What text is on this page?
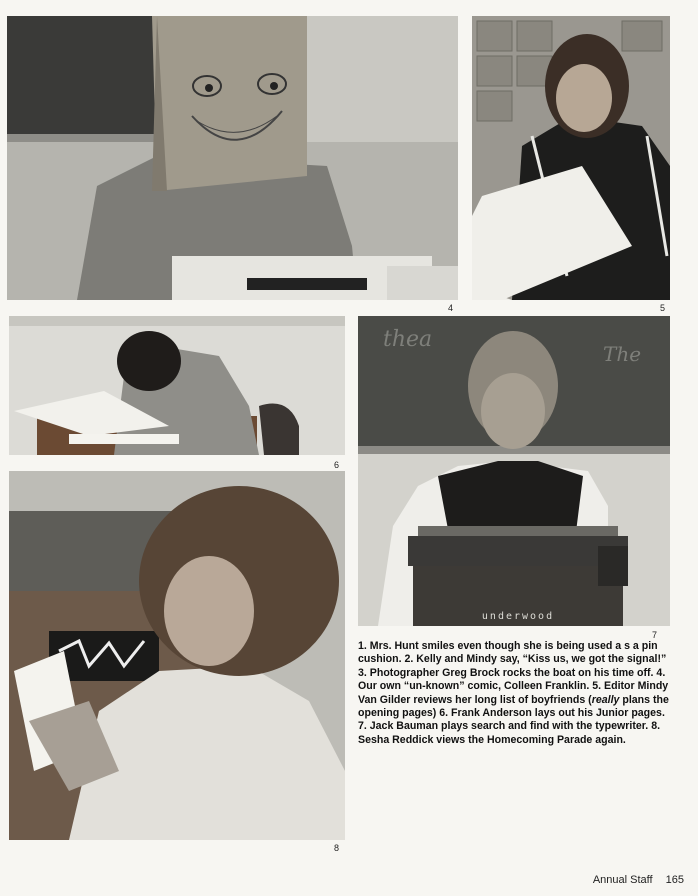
4	5
6
thea
The
underwood
7
8

1. Mrs. Hunt smiles even though she is being used a s a pin cushion. 2. Kelly and Mindy say, “Kiss us, we got the signal!” 3. Photographer Greg Brock rocks the boat on his time off. 4. Our own “un-known” comic, Colleen Franklin. 5. Editor Mindy Van Gilder reviews her long list of boyfriends (really plans the opening pages) 6. Frank Anderson lays out his Junior pages. 7. Jack Bauman plays search and find with the typewriter. 8. Sesha Reddick views the Homecoming Parade again.

Annual Staff 165
